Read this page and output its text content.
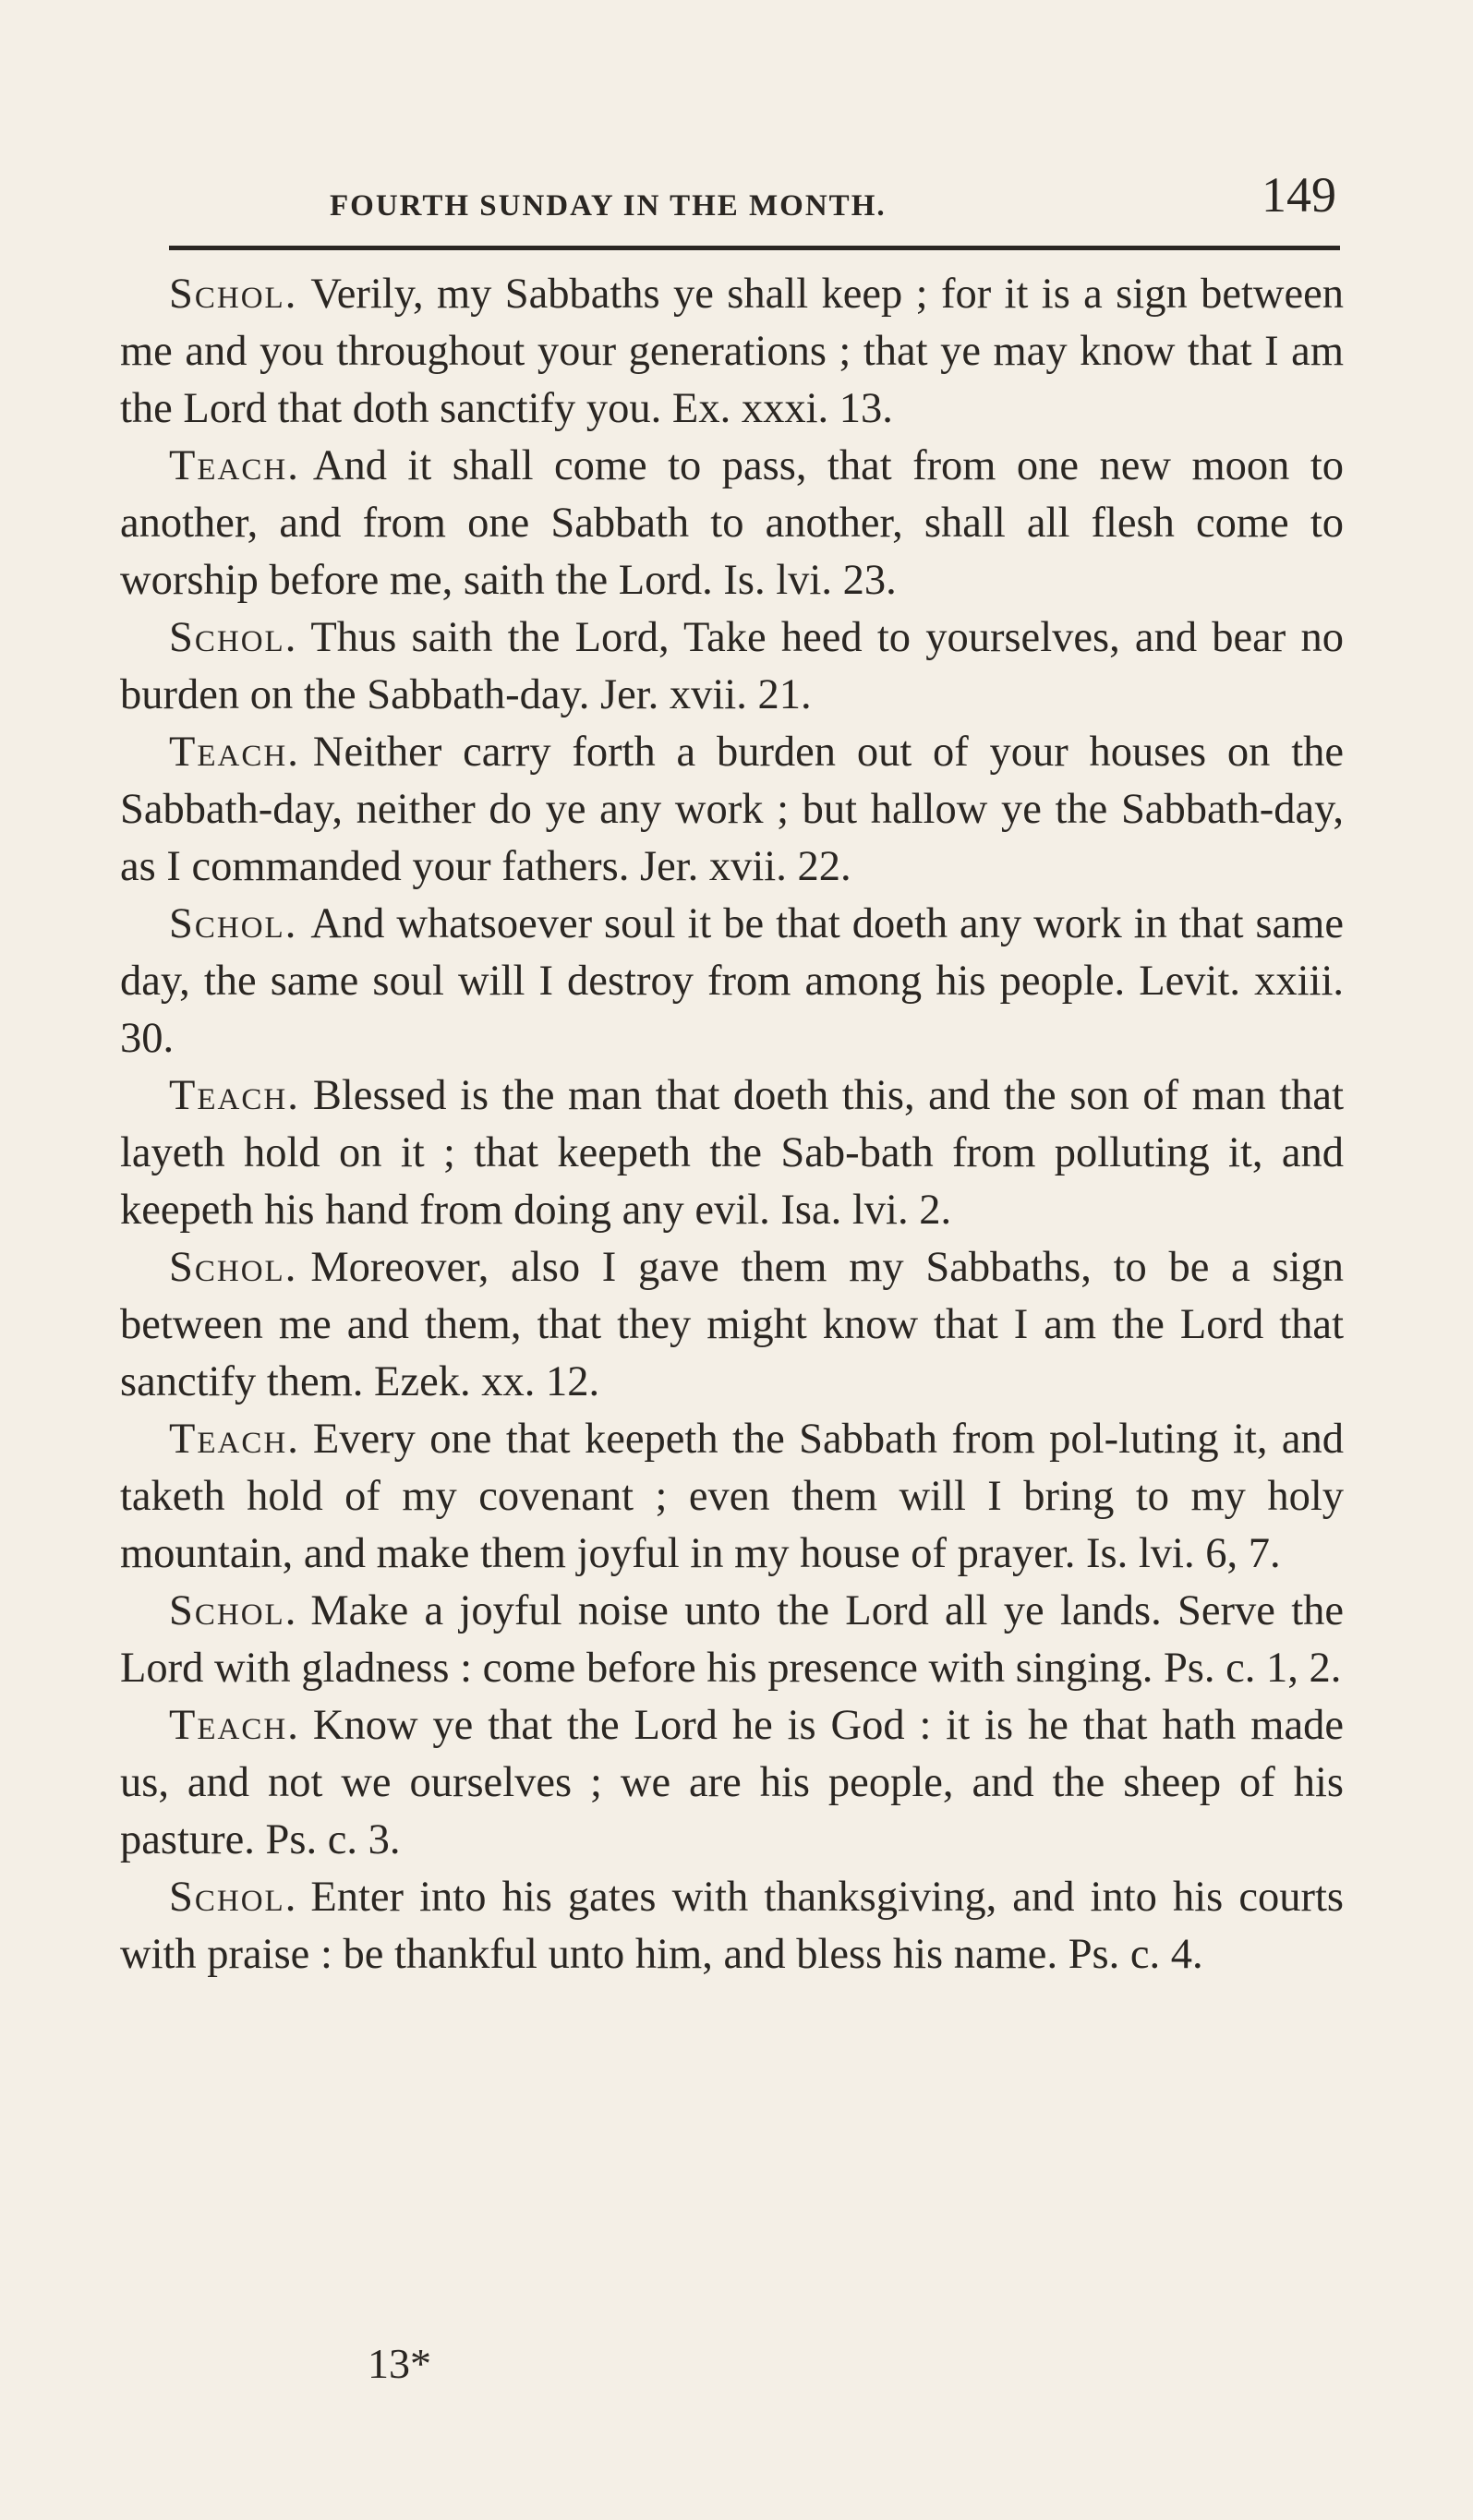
FOURTH SUNDAY IN THE MONTH.	149

Schol. Verily, my Sabbaths ye shall keep ; for it is a sign between me and you throughout your generations ; that ye may know that I am the Lord that doth sanctify you. Ex. xxxi. 13.

Teach. And it shall come to pass, that from one new moon to another, and from one Sabbath to another, shall all flesh come to worship before me, saith the Lord. Is. lvi. 23.

Schol. Thus saith the Lord, Take heed to yourselves, and bear no burden on the Sabbath-day. Jer. xvii. 21.

Teach. Neither carry forth a burden out of your houses on the Sabbath-day, neither do ye any work ; but hallow ye the Sabbath-day, as I commanded your fathers. Jer. xvii. 22.

Schol. And whatsoever soul it be that doeth any work in that same day, the same soul will I destroy from among his people. Levit. xxiii. 30.

Teach. Blessed is the man that doeth this, and the son of man that layeth hold on it ; that keepeth the Sab-bath from polluting it, and keepeth his hand from doing any evil. Isa. lvi. 2.

Schol. Moreover, also I gave them my Sabbaths, to be a sign between me and them, that they might know that I am the Lord that sanctify them. Ezek. xx. 12.

Teach. Every one that keepeth the Sabbath from pol-luting it, and taketh hold of my covenant ; even them will I bring to my holy mountain, and make them joyful in my house of prayer. Is. lvi. 6, 7.

Schol. Make a joyful noise unto the Lord all ye lands. Serve the Lord with gladness : come before his presence with singing. Ps. c. 1, 2.

Teach. Know ye that the Lord he is God : it is he that hath made us, and not we ourselves ; we are his people, and the sheep of his pasture. Ps. c. 3.

Schol. Enter into his gates with thanksgiving, and into his courts with praise : be thankful unto him, and bless his name. Ps. c. 4.

13*
